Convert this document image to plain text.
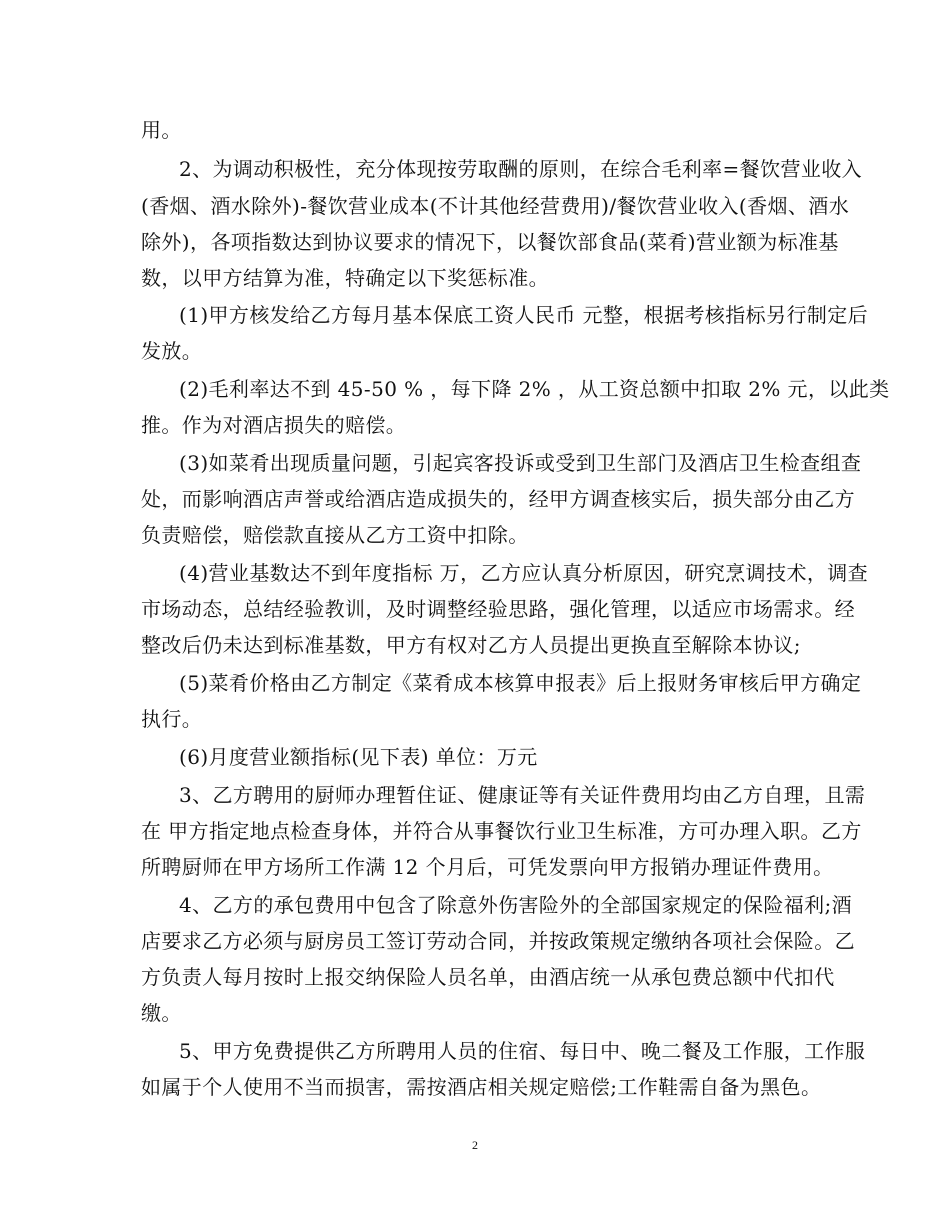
用。
2、为调动积极性，充分体现按劳取酬的原则，在综合毛利率=餐饮营业收入
(香烟、酒水除外)-餐饮营业成本(不计其他经营费用)/餐饮营业收入(香烟、酒水
除外)，各项指数达到协议要求的情况下，以餐饮部食品(菜肴)营业额为标准基
数，以甲方结算为准，特确定以下奖惩标准。
(1)甲方核发给乙方每月基本保底工资人民币 元整，根据考核指标另行制定后
发放。
(2)毛利率达不到 45-50 % ，每下降 2% ，从工资总额中扣取 2% 元，以此类
推。作为对酒店损失的赔偿。
(3)如菜肴出现质量问题，引起宾客投诉或受到卫生部门及酒店卫生检查组查
处，而影响酒店声誉或给酒店造成损失的，经甲方调查核实后，损失部分由乙方
负责赔偿，赔偿款直接从乙方工资中扣除。
(4)营业基数达不到年度指标 万，乙方应认真分析原因，研究烹调技术，调查
市场动态，总结经验教训，及时调整经验思路，强化管理，以适应市场需求。经
整改后仍未达到标准基数，甲方有权对乙方人员提出更换直至解除本协议;
(5)菜肴价格由乙方制定《菜肴成本核算申报表》后上报财务审核后甲方确定
执行。
(6)月度营业额指标(见下表) 单位：万元
3、乙方聘用的厨师办理暂住证、健康证等有关证件费用均由乙方自理，且需
在 甲方指定地点检查身体，并符合从事餐饮行业卫生标准，方可办理入职。乙方
所聘厨师在甲方场所工作满 12 个月后，可凭发票向甲方报销办理证件费用。
4、乙方的承包费用中包含了除意外伤害险外的全部国家规定的保险福利;酒
店要求乙方必须与厨房员工签订劳动合同，并按政策规定缴纳各项社会保险。乙
方负责人每月按时上报交纳保险人员名单，由酒店统一从承包费总额中代扣代
缴。
5、甲方免费提供乙方所聘用人员的住宿、每日中、晚二餐及工作服，工作服
如属于个人使用不当而损害，需按酒店相关规定赔偿;工作鞋需自备为黑色。
2
